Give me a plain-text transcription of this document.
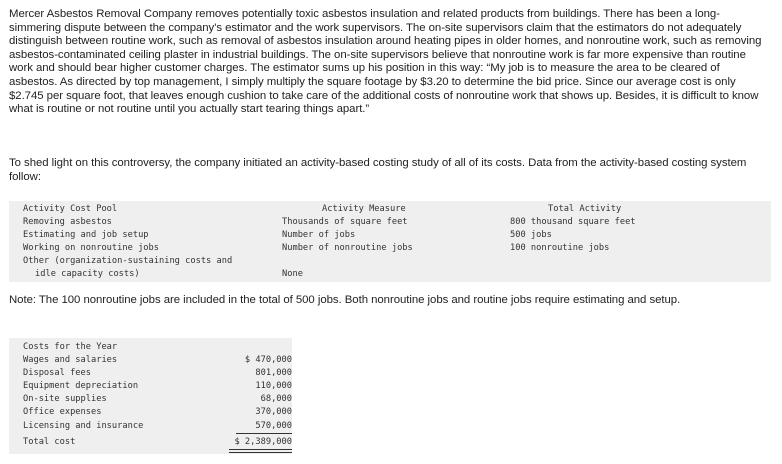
Mercer Asbestos Removal Company removes potentially toxic asbestos insulation and related products from buildings. There has been a long-simmering dispute between the company's estimator and the work supervisors. The on-site supervisors claim that the estimators do not adequately distinguish between routine work, such as removal of asbestos insulation around heating pipes in older homes, and nonroutine work, such as removing asbestos-contaminated ceiling plaster in industrial buildings. The on-site supervisors believe that nonroutine work is far more expensive than routine work and should bear higher customer charges. The estimator sums up his position in this way: “My job is to measure the area to be cleared of asbestos. As directed by top management, I simply multiply the square footage by $3.20 to determine the bid price. Since our average cost is only $2.745 per square foot, that leaves enough cushion to take care of the additional costs of nonroutine work that shows up. Besides, it is difficult to know what is routine or not routine until you actually start tearing things apart.”

To shed light on this controversy, the company initiated an activity-based costing study of all of its costs. Data from the activity-based costing system follow:

Activity Cost Pool	Activity Measure	Total Activity
Removing asbestos	Thousands of square feet	800 thousand square feet
Estimating and job setup	Number of jobs	500 jobs
Working on nonroutine jobs	Number of nonroutine jobs	100 nonroutine jobs
Other (organization-sustaining costs and
idle capacity costs)	None

Note: The 100 nonroutine jobs are included in the total of 500 jobs. Both nonroutine jobs and routine jobs require estimating and setup.

Costs for the Year
Wages and salaries	$ 470,000
Disposal fees	801,000
Equipment depreciation	110,000
On-site supplies	68,000
Office expenses	370,000
Licensing and insurance	570,000
Total cost	$ 2,389,000
